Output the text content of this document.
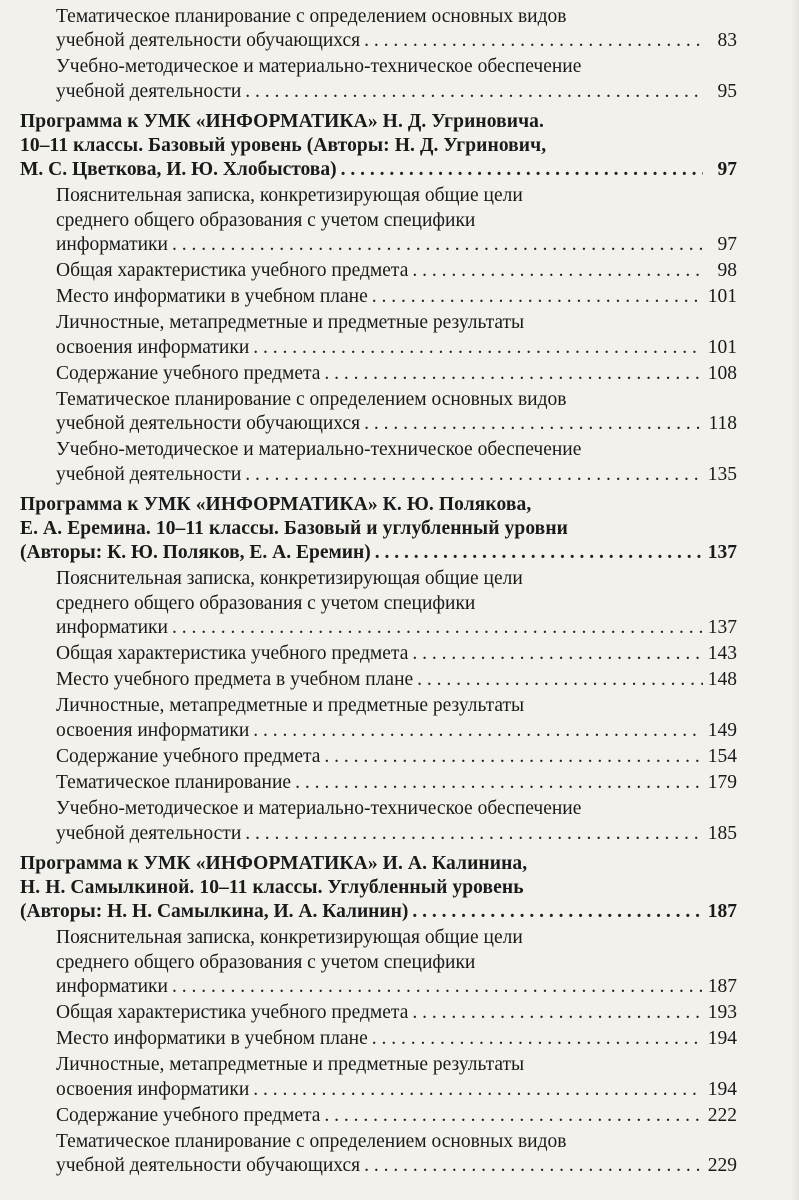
Тематическое планирование с определением основных видов
учебной деятельности обучающихся . . .	83
Учебно-методическое и материально-техническое обеспечение
учебной деятельности . . .	95
Программа к УМК «ИНФОРМАТИКА» Н. Д. Угриновича.
10–11 классы. Базовый уровень (Авторы: Н. Д. Угринович,
М. С. Цветкова, И. Ю. Хлобыстова) . . .	97
Пояснительная записка, конкретизирующая общие цели
среднего общего образования с учетом специфики
информатики . . .	97
Общая характеристика учебного предмета . . .	98
Место информатики в учебном плане . . .	101
Личностные, метапредметные и предметные результаты
освоения информатики . . .	101
Содержание учебного предмета . . .	108
Тематическое планирование с определением основных видов
учебной деятельности обучающихся . . .	118
Учебно-методическое и материально-техническое обеспечение
учебной деятельности . . .	135
Программа к УМК «ИНФОРМАТИКА» К. Ю. Полякова,
Е. А. Еремина. 10–11 классы. Базовый и углубленный уровни
(Авторы: К. Ю. Поляков, Е. А. Еремин) . . .	137
Пояснительная записка, конкретизирующая общие цели
среднего общего образования с учетом специфики
информатики . . .	137
Общая характеристика учебного предмета . . .	143
Место учебного предмета в учебном плане . . .	148
Личностные, метапредметные и предметные результаты
освоения информатики . . .	149
Содержание учебного предмета . . .	154
Тематическое планирование . . .	179
Учебно-методическое и материально-техническое обеспечение
учебной деятельности . . .	185
Программа к УМК «ИНФОРМАТИКА» И. А. Калинина,
Н. Н. Самылкиной. 10–11 классы. Углубленный уровень
(Авторы: Н. Н. Самылкина, И. А. Калинин) . . .	187
Пояснительная записка, конкретизирующая общие цели
среднего общего образования с учетом специфики
информатики . . .	187
Общая характеристика учебного предмета . . .	193
Место информатики в учебном плане . . .	194
Личностные, метапредметные и предметные результаты
освоения информатики . . .	194
Содержание учебного предмета . . .	222
Тематическое планирование с определением основных видов
учебной деятельности обучающихся . . .	229
